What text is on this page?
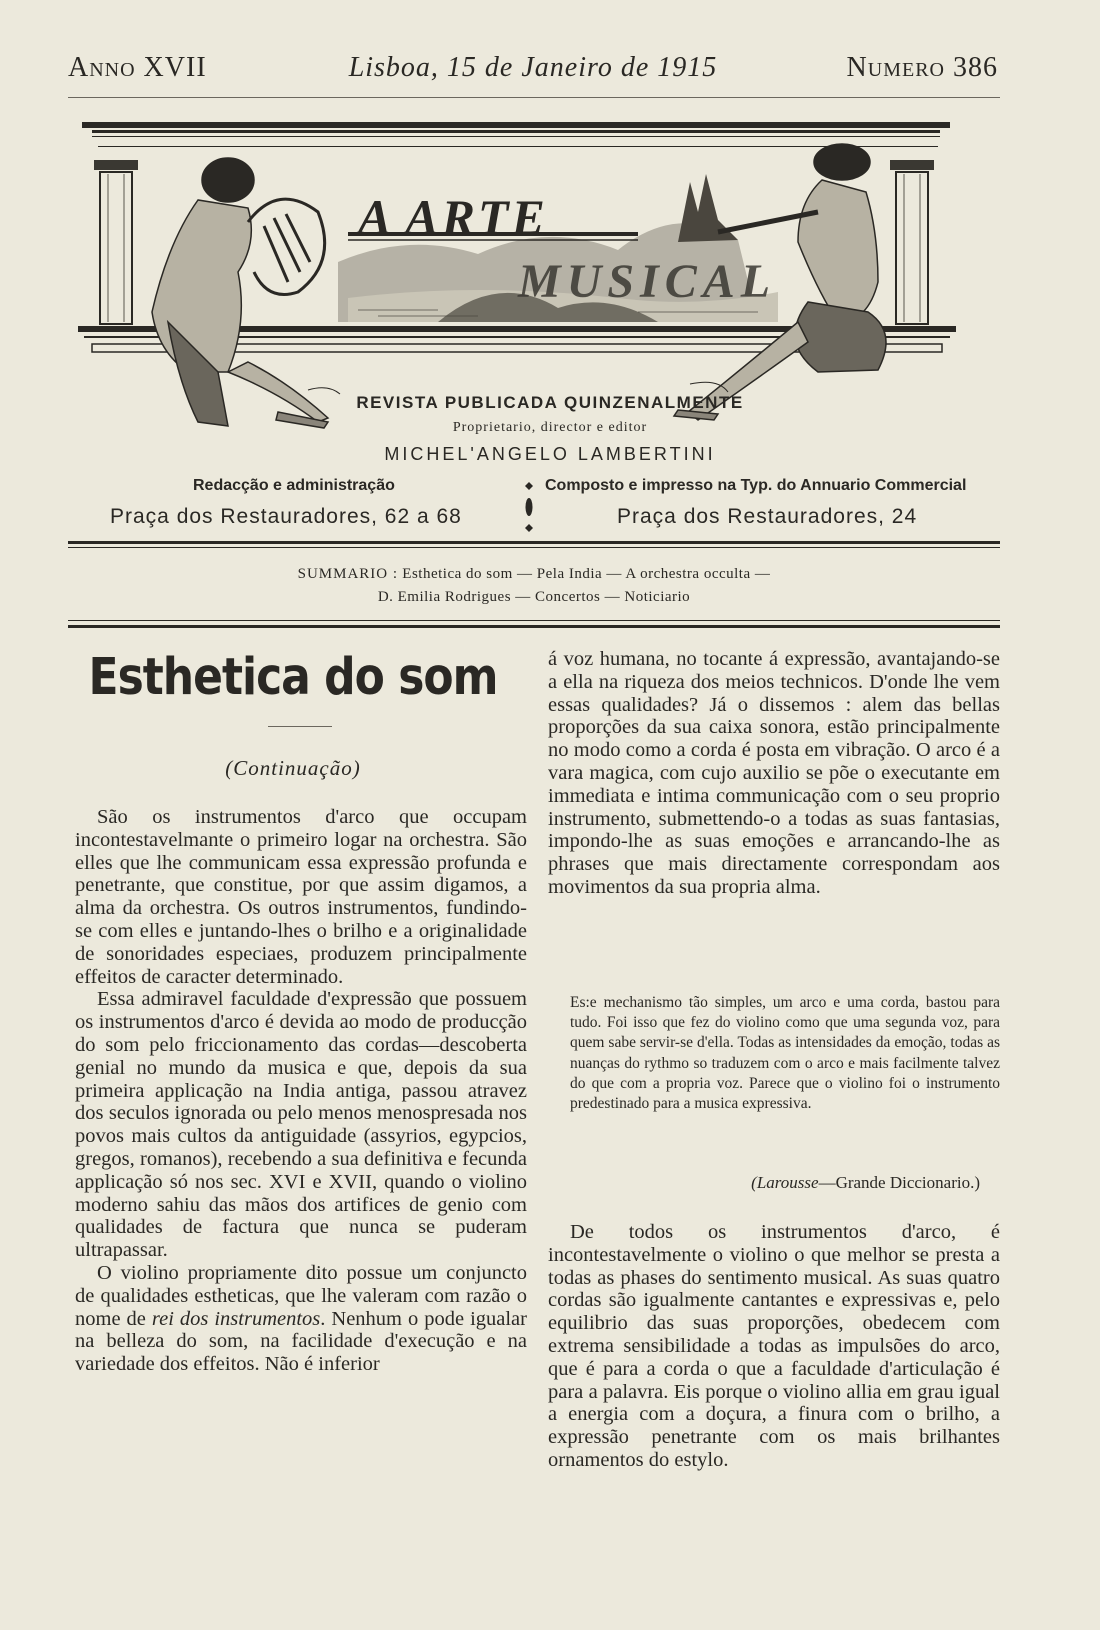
Anno XVII	Lisboa, 15 de Janeiro de 1915	Numero 386
A ARTE
MUSICAL
REVISTA PUBLICADA QUINZENALMENTE
Proprietario, director e editor
MICHEL'ANGELO LAMBERTINI
Redacção e administração
Praça dos Restauradores, 62 a 68
Composto e impresso na Typ. do Annuario Commercial
Praça dos Restauradores, 24
SUMMARIO : Esthetica do som — Pela India — A orchestra occulta —
D. Emilia Rodrigues — Concertos — Noticiario
Esthetica do som
(Continuação)

São os instrumentos d'arco que occupam incontestavelmante o primeiro logar na orchestra. São elles que lhe communicam essa expressão profunda e penetrante, que constitue, por que assim digamos, a alma da orchestra. Os outros instrumentos, fundindo-se com elles e juntando-lhes o brilho e a originalidade de sonoridades especiaes, produzem principalmente effeitos de caracter determinado.

Essa admiravel faculdade d'expressão que possuem os instrumentos d'arco é devida ao modo de producção do som pelo friccionamento das cordas—descoberta genial no mundo da musica e que, depois da sua primeira applicação na India antiga, passou atravez dos seculos ignorada ou pelo menos menospresada nos povos mais cultos da antiguidade (assyrios, egypcios, gregos, romanos), recebendo a sua definitiva e fecunda applicação só nos sec. XVI e XVII, quando o violino moderno sahiu das mãos dos artifices de genio com qualidades de factura que nunca se puderam ultrapassar.

O violino propriamente dito possue um conjuncto de qualidades estheticas, que lhe valeram com razão o nome de rei dos instrumentos. Nenhum o pode igualar na belleza do som, na facilidade d'execução e na variedade dos effeitos. Não é inferior

á voz humana, no tocante á expressão, avantajando-se a ella na riqueza dos meios technicos. D'onde lhe vem essas qualidades? Já o dissemos : alem das bellas proporções da sua caixa sonora, estão principalmente no modo como a corda é posta em vibração. O arco é a vara magica, com cujo auxilio se põe o executante em immediata e intima communicação com o seu proprio instrumento, submettendo-o a todas as suas fantasias, impondo-lhe as suas emoções e arrancando-lhe as phrases que mais directamente correspondam aos movimentos da sua propria alma.

Es:e mechanismo tão simples, um arco e uma corda, bastou para tudo. Foi isso que fez do violino como que uma segunda voz, para quem sabe servir-se d'ella. Todas as intensidades da emoção, todas as nuanças do rythmo so traduzem com o arco e mais facilmente talvez do que com a propria voz. Parece que o violino foi o instrumento predestinado para a musica expressiva.

(Larousse—Grande Diccionario.)

De todos os instrumentos d'arco, é incontestavelmente o violino o que melhor se presta a todas as phases do sentimento musical. As suas quatro cordas são igualmente cantantes e expressivas e, pelo equilibrio das suas proporções, obedecem com extrema sensibilidade a todas as impulsões do arco, que é para a corda o que a faculdade d'articulação é para a palavra. Eis porque o violino allia em grau igual a energia com a doçura, a finura com o brilho, a expressão penetrante com os mais brilhantes ornamentos do estylo.
